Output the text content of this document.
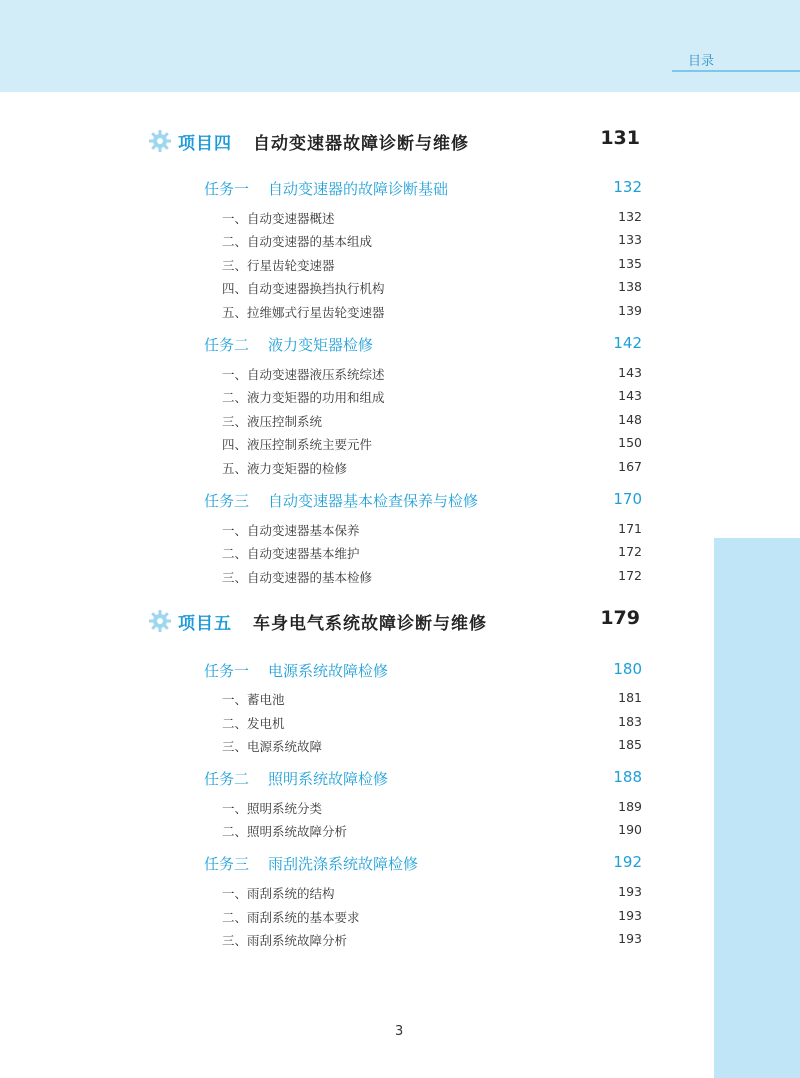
目录
项目四 自动变速器故障诊断与维修	131
任务一 自动变速器的故障诊断基础	132
一、自动变速器概述	132
二、自动变速器的基本组成	133
三、行星齿轮变速器	135
四、自动变速器换挡执行机构	138
五、拉维娜式行星齿轮变速器	139
任务二 液力变矩器检修	142
一、自动变速器液压系统综述	143
二、液力变矩器的功用和组成	143
三、液压控制系统	148
四、液压控制系统主要元件	150
五、液力变矩器的检修	167
任务三 自动变速器基本检查保养与检修	170
一、自动变速器基本保养	171
二、自动变速器基本维护	172
三、自动变速器的基本检修	172
项目五 车身电气系统故障诊断与维修	179
任务一 电源系统故障检修	180
一、蓄电池	181
二、发电机	183
三、电源系统故障	185
任务二 照明系统故障检修	188
一、照明系统分类	189
二、照明系统故障分析	190
任务三 雨刮洗涤系统故障检修	192
一、雨刮系统的结构	193
二、雨刮系统的基本要求	193
三、雨刮系统故障分析	193
3
